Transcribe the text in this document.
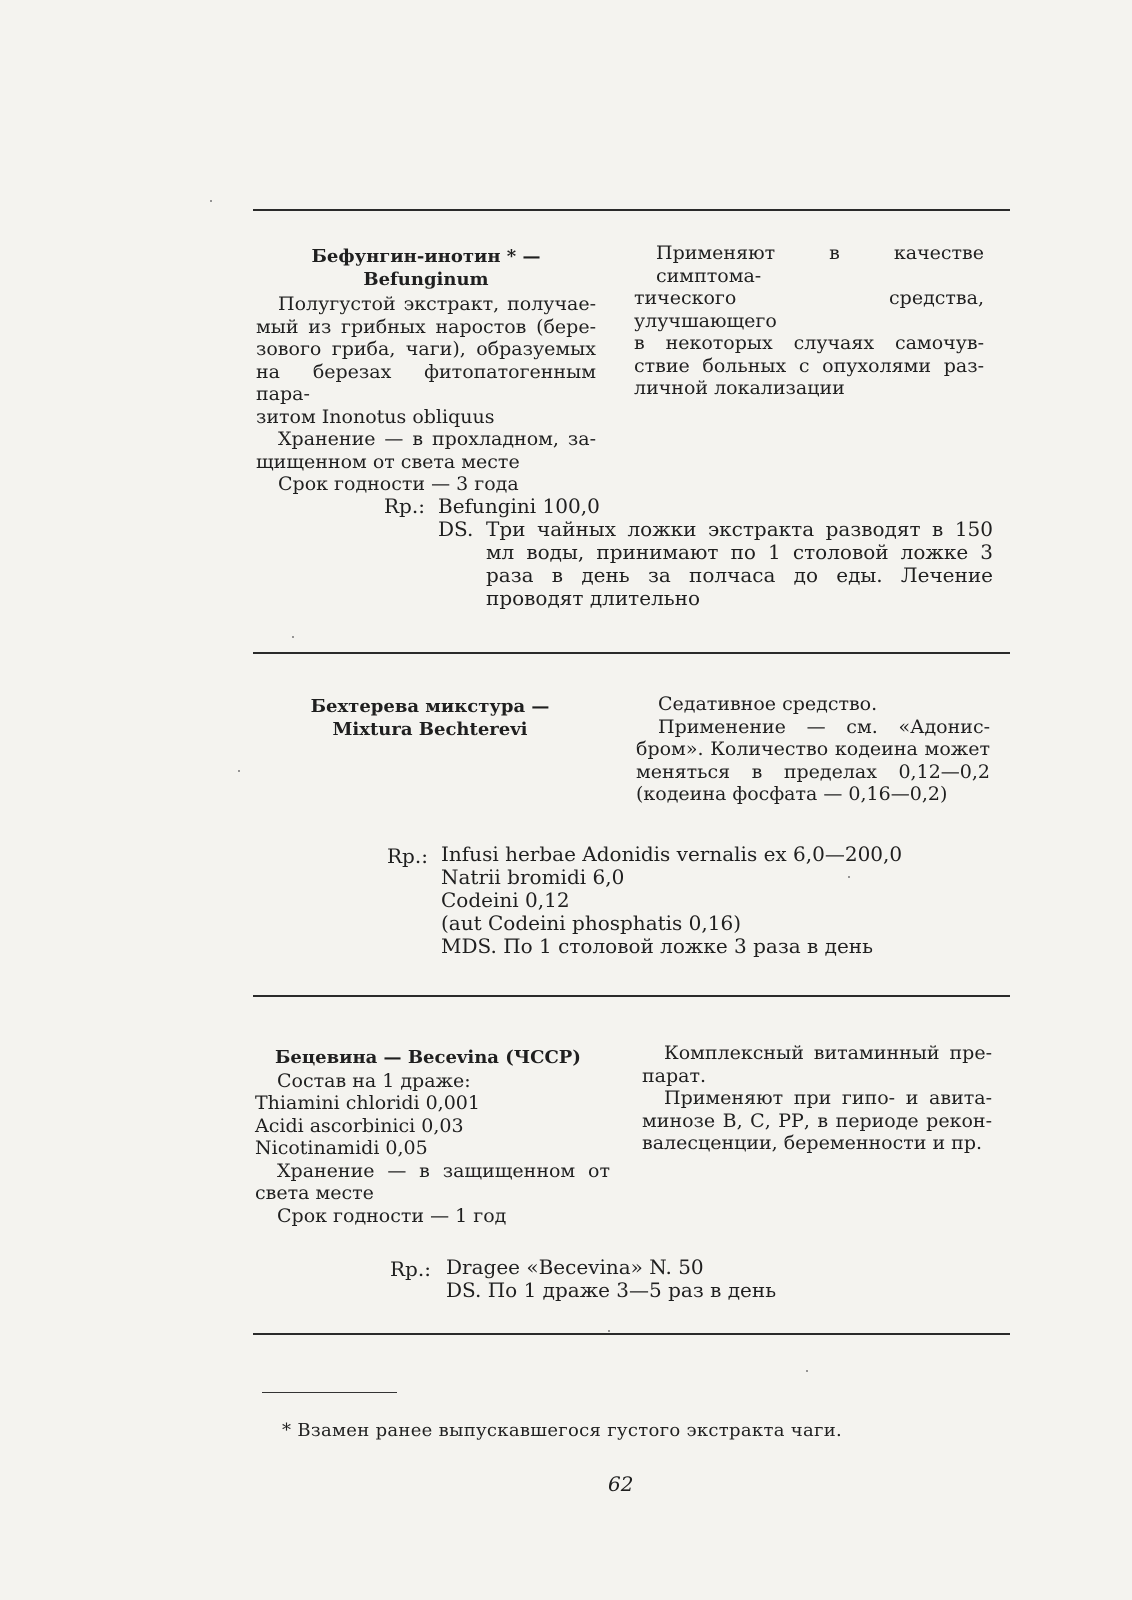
Бефунгин-инотин * —
Befunginum
Полугустой экстракт, получае-
мый из грибных наростов (бере-
зового гриба, чаги), образуемых
на березах фитопатогенным пара-
зитом Inonotus obliquus
Хранение — в прохладном, за-
щищенном от света месте
Срок годности — 3 года
Применяют в качестве симптома-
тического средства, улучшающего
в некоторых случаях самочув-
ствие больных с опухолями раз-
личной локализации
Rp.: Befungini 100,0
DS. Три чайных ложки экстракта разводят в 150 мл воды, принимают по 1 столовой ложке 3 раза в день за полчаса до еды. Лечение проводят длительно
Бехтерева микстура —
Mixtura Bechterevi
Седативное средство.
Применение — см. «Адонис-
бром». Количество кодеина может
меняться в пределах 0,12—0,2
(кодеина фосфата — 0,16—0,2)
Rp.: Infusi herbae Adonidis vernalis ex 6,0—200,0
Natrii bromidi 6,0
Codeini 0,12
(aut Codeini phosphatis 0,16)
MDS. По 1 столовой ложке 3 раза в день
Бецевина — Becevina (ЧССР)
Состав на 1 драже:
Thiamini chloridi 0,001
Acidi ascorbinici 0,03
Nicotinamidi 0,05
Хранение — в защищенном от
света месте
Срок годности — 1 год
Комплексный витаминный пре-
парат.
Применяют при гипо- и авита-
минозе В, С, РР, в периоде рекон-
валесценции, беременности и пр.
Rp.: Dragee «Becevina» N. 50
DS. По 1 драже 3—5 раз в день
* Взамен ранее выпускавшегося густого экстракта чаги.
62
